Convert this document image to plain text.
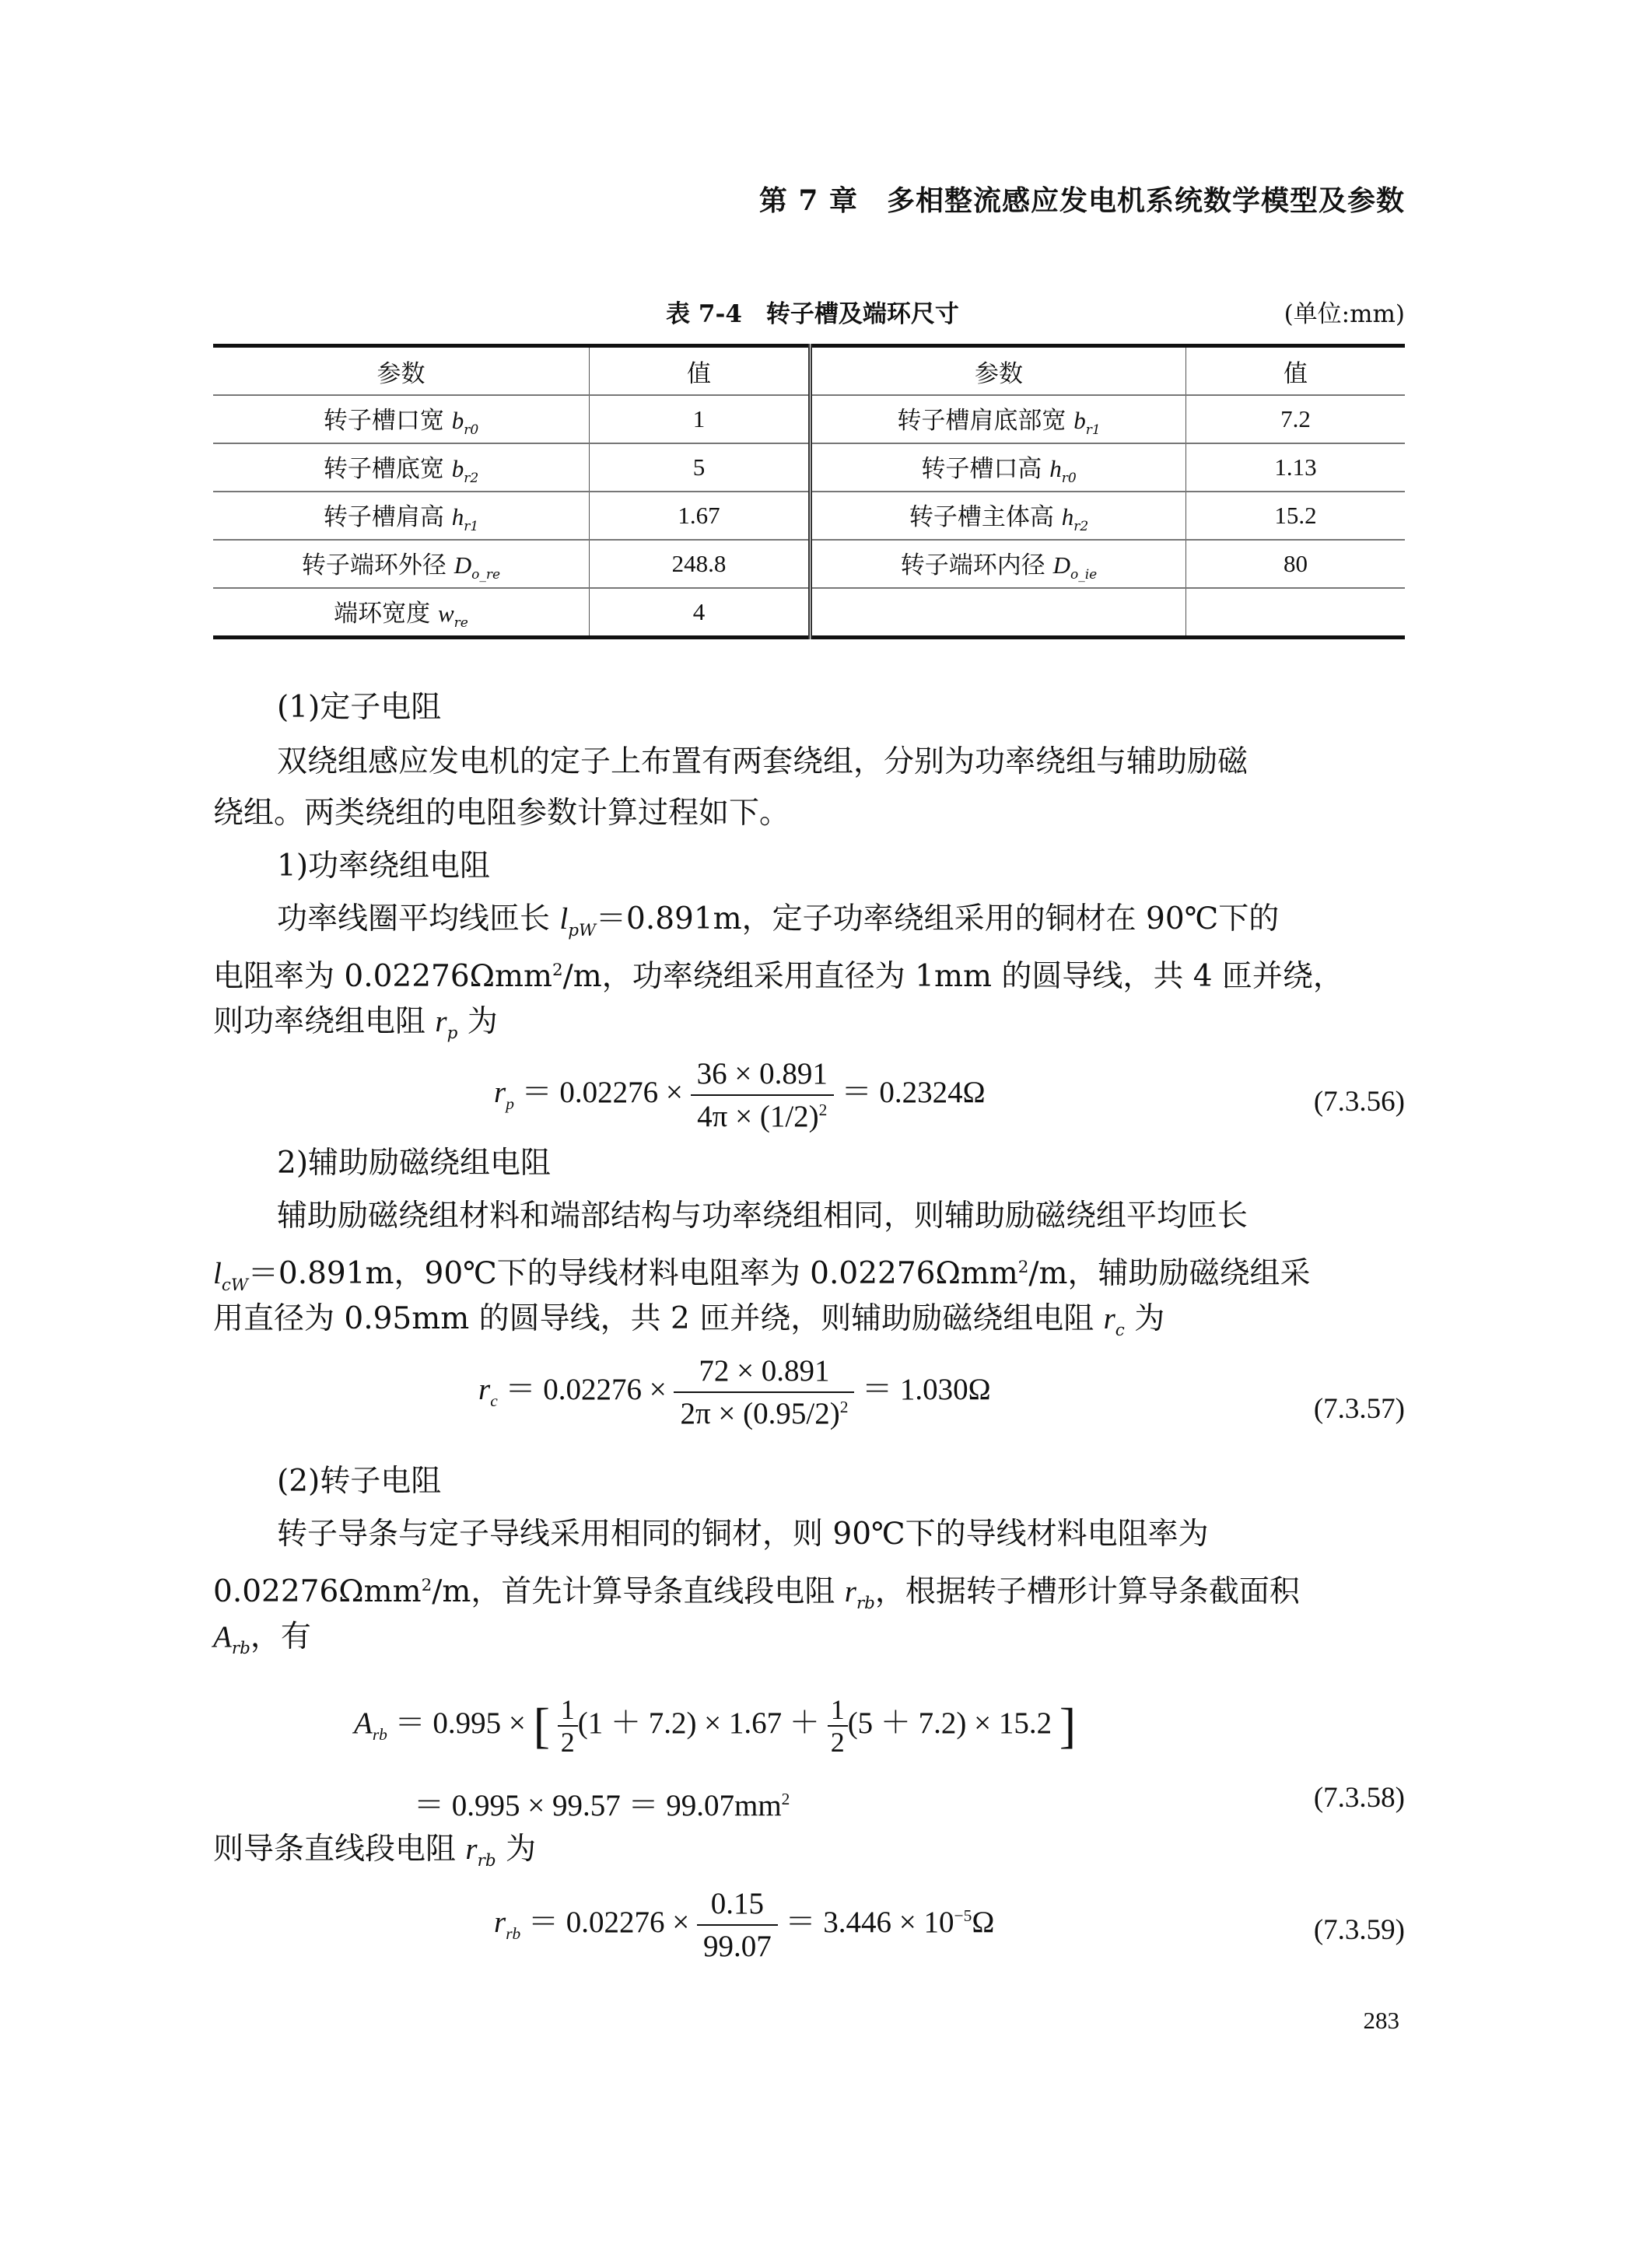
第 7 章　多相整流感应发电机系统数学模型及参数
表 7-4　转子槽及端环尺寸	(单位:mm)
参数	值	参数	值
转子槽口宽 $b_{r0}$	1	转子槽肩底部宽 $b_{r1}$	7.2
转子槽底宽 $b_{r2}$	5	转子槽口高 $h_{r0}$	1.13
转子槽肩高 $h_{r1}$	1.67	转子槽主体高 $h_{r2}$	15.2
转子端环外径 $D_{o\_re}$	248.8	转子端环内径 $D_{o\_ie}$	80
端环宽度 $w_{re}$	4		
(1)定子电阻
双绕组感应发电机的定子上布置有两套绕组，分别为功率绕组与辅助励磁
绕组。两类绕组的电阻参数计算过程如下。
1)功率绕组电阻
功率线圈平均线匝长 $l_{pW}=0.891m$，定子功率绕组采用的铜材在 90℃下的
电阻率为 0.02276Ωmm$^2$/m，功率绕组采用直径为 1mm 的圆导线，共 4 匝并绕，
则功率绕组电阻 $r_p$ 为
$r_p = 0.02276 \times \frac{36 \times 0.891}{4\pi \times (1/2)^2} = 0.2324\Omega$	(7.3.56)
2)辅助励磁绕组电阻
辅助励磁绕组材料和端部结构与功率绕组相同，则辅助励磁绕组平均匝长
$l_{cW}=0.891m$，90℃下的导线材料电阻率为 0.02276Ωmm$^2$/m，辅助励磁绕组采
用直径为 0.95mm 的圆导线，共 2 匝并绕，则辅助励磁绕组电阻 $r_c$ 为
$r_c = 0.02276 \times \frac{72 \times 0.891}{2\pi \times (0.95/2)^2} = 1.030\Omega$
(7.3.57)
(2)转子电阻
转子导条与定子导线采用相同的铜材，则 90℃下的导线材料电阻率为
0.02276Ωmm$^2$/m，首先计算导条直线段电阻 $r_{rb}$，根据转子槽形计算导条截面积
$A_{rb}$，有
$A_{rb} = 0.995$ × [ $\frac{1}{2} (1 + 7.2) \times 1.67 + \frac{1}{2} (5 + 7.2) \times 15.2$ ]
＝ $0.995 \times 99.57 = 99.07mm^2$	(7.3.58)
则导条直线段电阻 $r_{rb}$ 为
$r_{rb} = 0.02276 \times \frac{0.15}{99.07} = 3.446 \times 10^{-5}\Omega$	(7.3.59)
283
